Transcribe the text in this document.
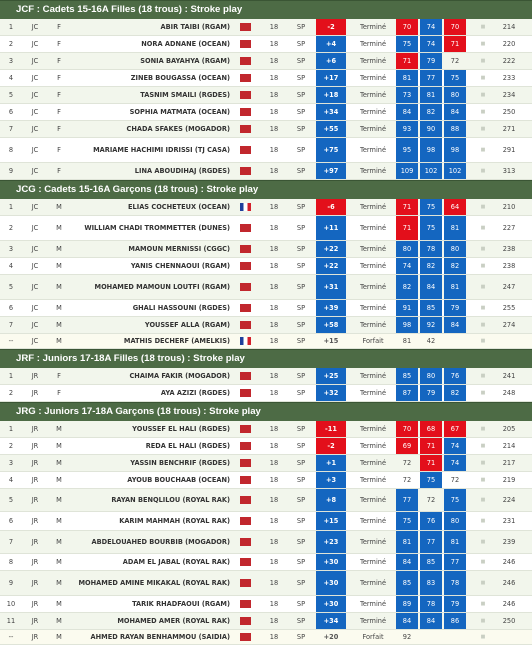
JCF : Cadets 15-16A Filles (18 trous) : Stroke play
1	JC	F	ABIR TAIBI (RGAM)	18	SP	-2	Terminé	70	74	70	■	214
2	JC	F	NORA ADNANE (OCEAN)	18	SP	+4	Terminé	75	74	71	■	220
3	JC	F	SONIA BAYAHYA (RGAM)	18	SP	+6	Terminé	71	79	72	■	222
4	JC	F	ZINEB BOUGASSA (OCEAN)	18	SP	+17	Terminé	81	77	75	■	233
5	JC	F	TASNIM SMAILI (RGDES)	18	SP	+18	Terminé	73	81	80	■	234
6	JC	F	SOPHIA MATMATA (OCEAN)	18	SP	+34	Terminé	84	82	84	■	250
7	JC	F	CHADA SFAKES (MOGADOR)	18	SP	+55	Terminé	93	90	88	■	271
8	JC	F	MARIAME HACHIMI IDRISSI (TJ CASA)	18	SP	+75	Terminé	95	98	98	■	291
9	JC	F	LINA ABOUDIHAJ (RGDES)	18	SP	+97	Terminé	109	102	102	■	313
JCG : Cadets 15-16A Garçons (18 trous) : Stroke play
1	JC	M	ELIAS COCHETEUX (OCEAN)	18	SP	-6	Terminé	71	75	64	■	210
2	JC	M	WILLIAM CHADI TROMMETTER (DUNES)	18	SP	+11	Terminé	71	75	81	■	227
3	JC	M	MAMOUN MERNISSI (CGGC)	18	SP	+22	Terminé	80	78	80	■	238
4	JC	M	YANIS CHENNAOUI (RGAM)	18	SP	+22	Terminé	74	82	82	■	238
5	JC	M	MOHAMED MAMOUN LOUTFI (RGAM)	18	SP	+31	Terminé	82	84	81	■	247
6	JC	M	GHALI HASSOUNI (RGDES)	18	SP	+39	Terminé	91	85	79	■	255
7	JC	M	YOUSSEF ALLA (RGAM)	18	SP	+58	Terminé	98	92	84	■	274
--	JC	M	MATHIS DECHERF (AMELKIS)	18	SP	+15	Forfait	81	42	■
JRF : Juniors 17-18A Filles (18 trous) : Stroke play
1	JR	F	CHAIMA FAKIR (MOGADOR)	18	SP	+25	Terminé	85	80	76	■	241
2	JR	F	AYA AZIZI (RGDES)	18	SP	+32	Terminé	87	79	82	■	248
JRG : Juniors 17-18A Garçons (18 trous) : Stroke play
1	JR	M	YOUSSEF EL HALI (RGDES)	18	SP	-11	Terminé	70	68	67	■	205
2	JR	M	REDA EL HALI (RGDES)	18	SP	-2	Terminé	69	71	74	■	214
3	JR	M	YASSIN BENCHRIF (RGDES)	18	SP	+1	Terminé	72	71	74	■	217
4	JR	M	AYOUB BOUCHAAB (OCEAN)	18	SP	+3	Terminé	72	75	72	■	219
5	JR	M	RAYAN BENQLILOU (ROYAL RAK)	18	SP	+8	Terminé	77	72	75	■	224
6	JR	M	KARIM MAHMAH (ROYAL RAK)	18	SP	+15	Terminé	75	76	80	■	231
7	JR	M	ABDELOUAHED BOURBIB (MOGADOR)	18	SP	+23	Terminé	81	77	81	■	239
8	JR	M	ADAM EL JABAL (ROYAL RAK)	18	SP	+30	Terminé	84	85	77	■	246
9	JR	M	MOHAMED AMINE MIKAKAL (ROYAL RAK)	18	SP	+30	Terminé	85	83	78	■	246
10	JR	M	TARIK RHADFAOUI (RGAM)	18	SP	+30	Terminé	89	78	79	■	246
11	JR	M	MOHAMED AMER (ROYAL RAK)	18	SP	+34	Terminé	84	84	86	■	250
--	JR	M	AHMED RAYAN BENHAMMOU (SAIDIA)	18	SP	+20	Forfait	92	■
